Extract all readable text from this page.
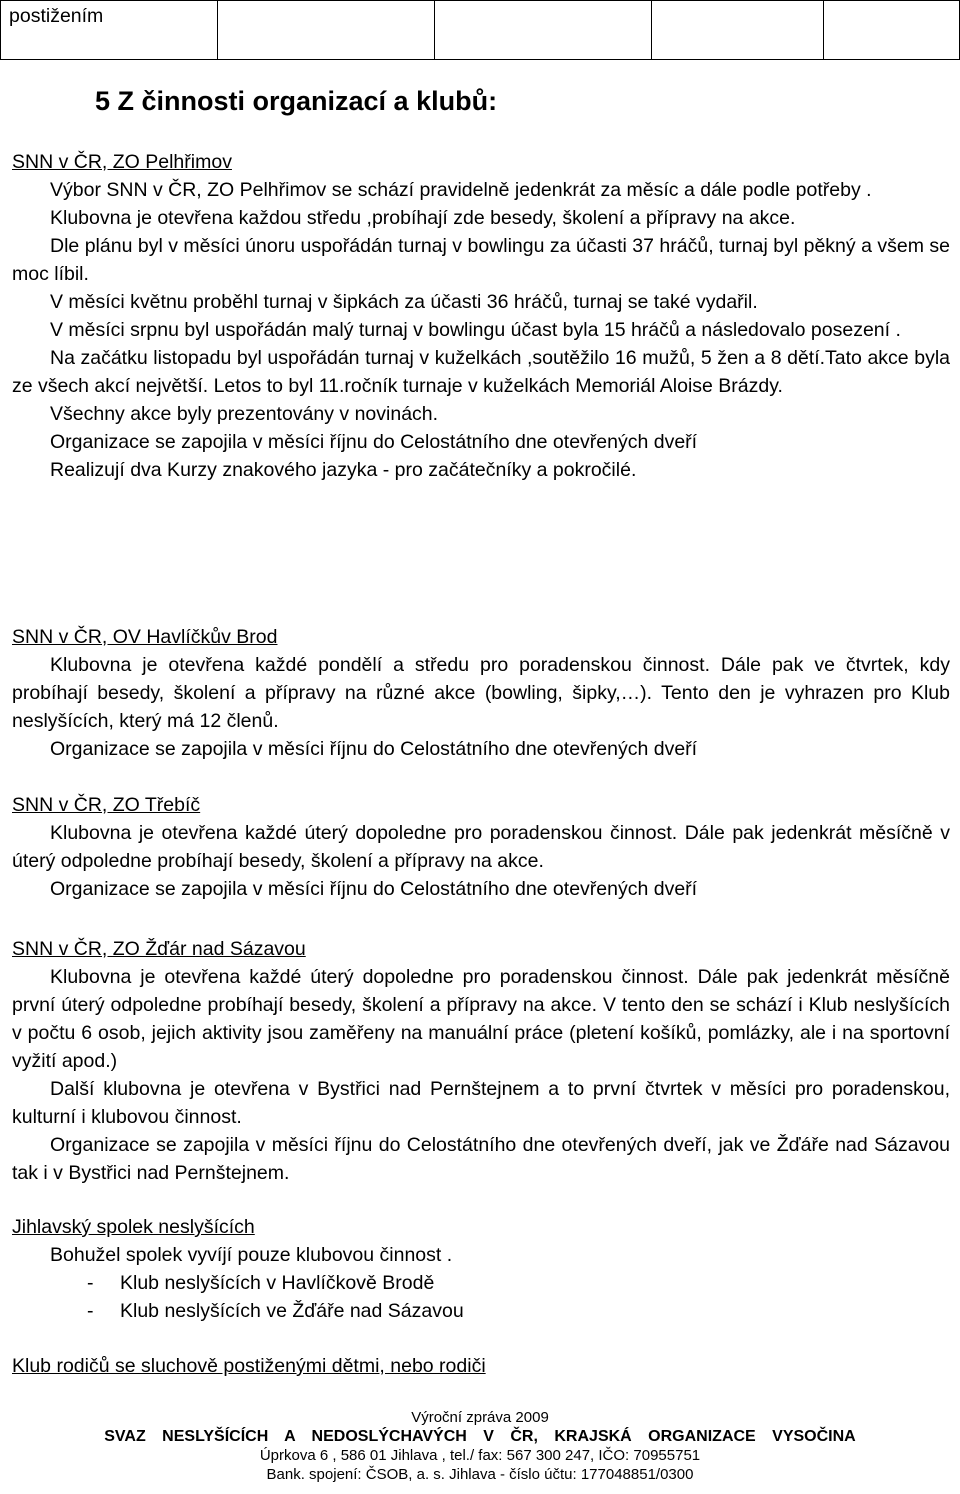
postižením				
5 Z činnosti organizací a klubů:
SNN v ČR, ZO Pelhřimov

Výbor SNN v ČR, ZO Pelhřimov se schází pravidelně jedenkrát za měsíc a dále podle potřeby .

Klubovna je otevřena každou středu ,probíhají zde besedy, školení a přípravy na akce.

Dle plánu byl v měsíci únoru uspořádán turnaj v bowlingu za účasti 37 hráčů, turnaj byl pěkný a všem se moc líbil.

V měsíci květnu proběhl turnaj v šipkách za účasti 36 hráčů, turnaj se také vydařil.

V měsíci srpnu byl uspořádán malý turnaj v bowlingu účast byla 15 hráčů a následovalo posezení .

Na začátku listopadu byl uspořádán turnaj v kuželkách ,soutěžilo 16 mužů, 5 žen a 8 dětí.Tato akce byla ze všech akcí největší. Letos to byl 11.ročník turnaje v kuželkách Memoriál Aloise Brázdy.

Všechny akce byly prezentovány v novinách.

Organizace se zapojila v měsíci říjnu do Celostátního dne otevřených dveří

Realizují dva Kurzy znakového jazyka - pro začátečníky a pokročilé.

SNN v ČR, OV Havlíčkův Brod

Klubovna je otevřena každé pondělí a středu pro poradenskou činnost. Dále pak ve čtvrtek, kdy probíhají besedy, školení a přípravy na různé akce (bowling, šipky,…). Tento den je vyhrazen pro Klub neslyšících, který má 12 členů.

Organizace se zapojila v měsíci říjnu do Celostátního dne otevřených dveří

SNN v ČR, ZO Třebíč

Klubovna je otevřena každé úterý dopoledne pro poradenskou činnost. Dále pak jedenkrát měsíčně v úterý odpoledne probíhají besedy, školení a přípravy na akce.

Organizace se zapojila v měsíci říjnu do Celostátního dne otevřených dveří

SNN v ČR, ZO Žďár nad Sázavou

Klubovna je otevřena každé úterý dopoledne pro poradenskou činnost. Dále pak jedenkrát měsíčně první úterý odpoledne probíhají besedy, školení a přípravy na akce. V tento den se schází i Klub neslyšících v počtu 6 osob, jejich aktivity jsou zaměřeny na manuální práce (pletení košíků, pomlázky, ale i na sportovní vyžití apod.)

Další klubovna je otevřena v Bystřici nad Pernštejnem a to první čtvrtek v měsíci pro poradenskou, kulturní i klubovou činnost.

Organizace se zapojila v měsíci říjnu do Celostátního dne otevřených dveří, jak ve Žďáře nad Sázavou tak i v Bystřici nad Pernštejnem.

Jihlavský spolek neslyšících

Bohužel spolek vyvíjí pouze klubovou činnost .

- Klub neslyšících v Havlíčkově Brodě
- Klub neslyšících ve Žďáře nad Sázavou
Klub rodičů se sluchově postiženými dětmi, nebo rodiči
Výroční zpráva 2009
SVAZ NESLYŠÍCÍCH A NEDOSLÝCHAVÝCH V ČR, KRAJSKÁ ORGANIZACE VYSOČINA
Úprkova 6 , 586 01 Jihlava , tel./ fax: 567 300 247, IČO: 70955751
Bank. spojení: ČSOB, a. s. Jihlava - číslo účtu: 177048851/0300
